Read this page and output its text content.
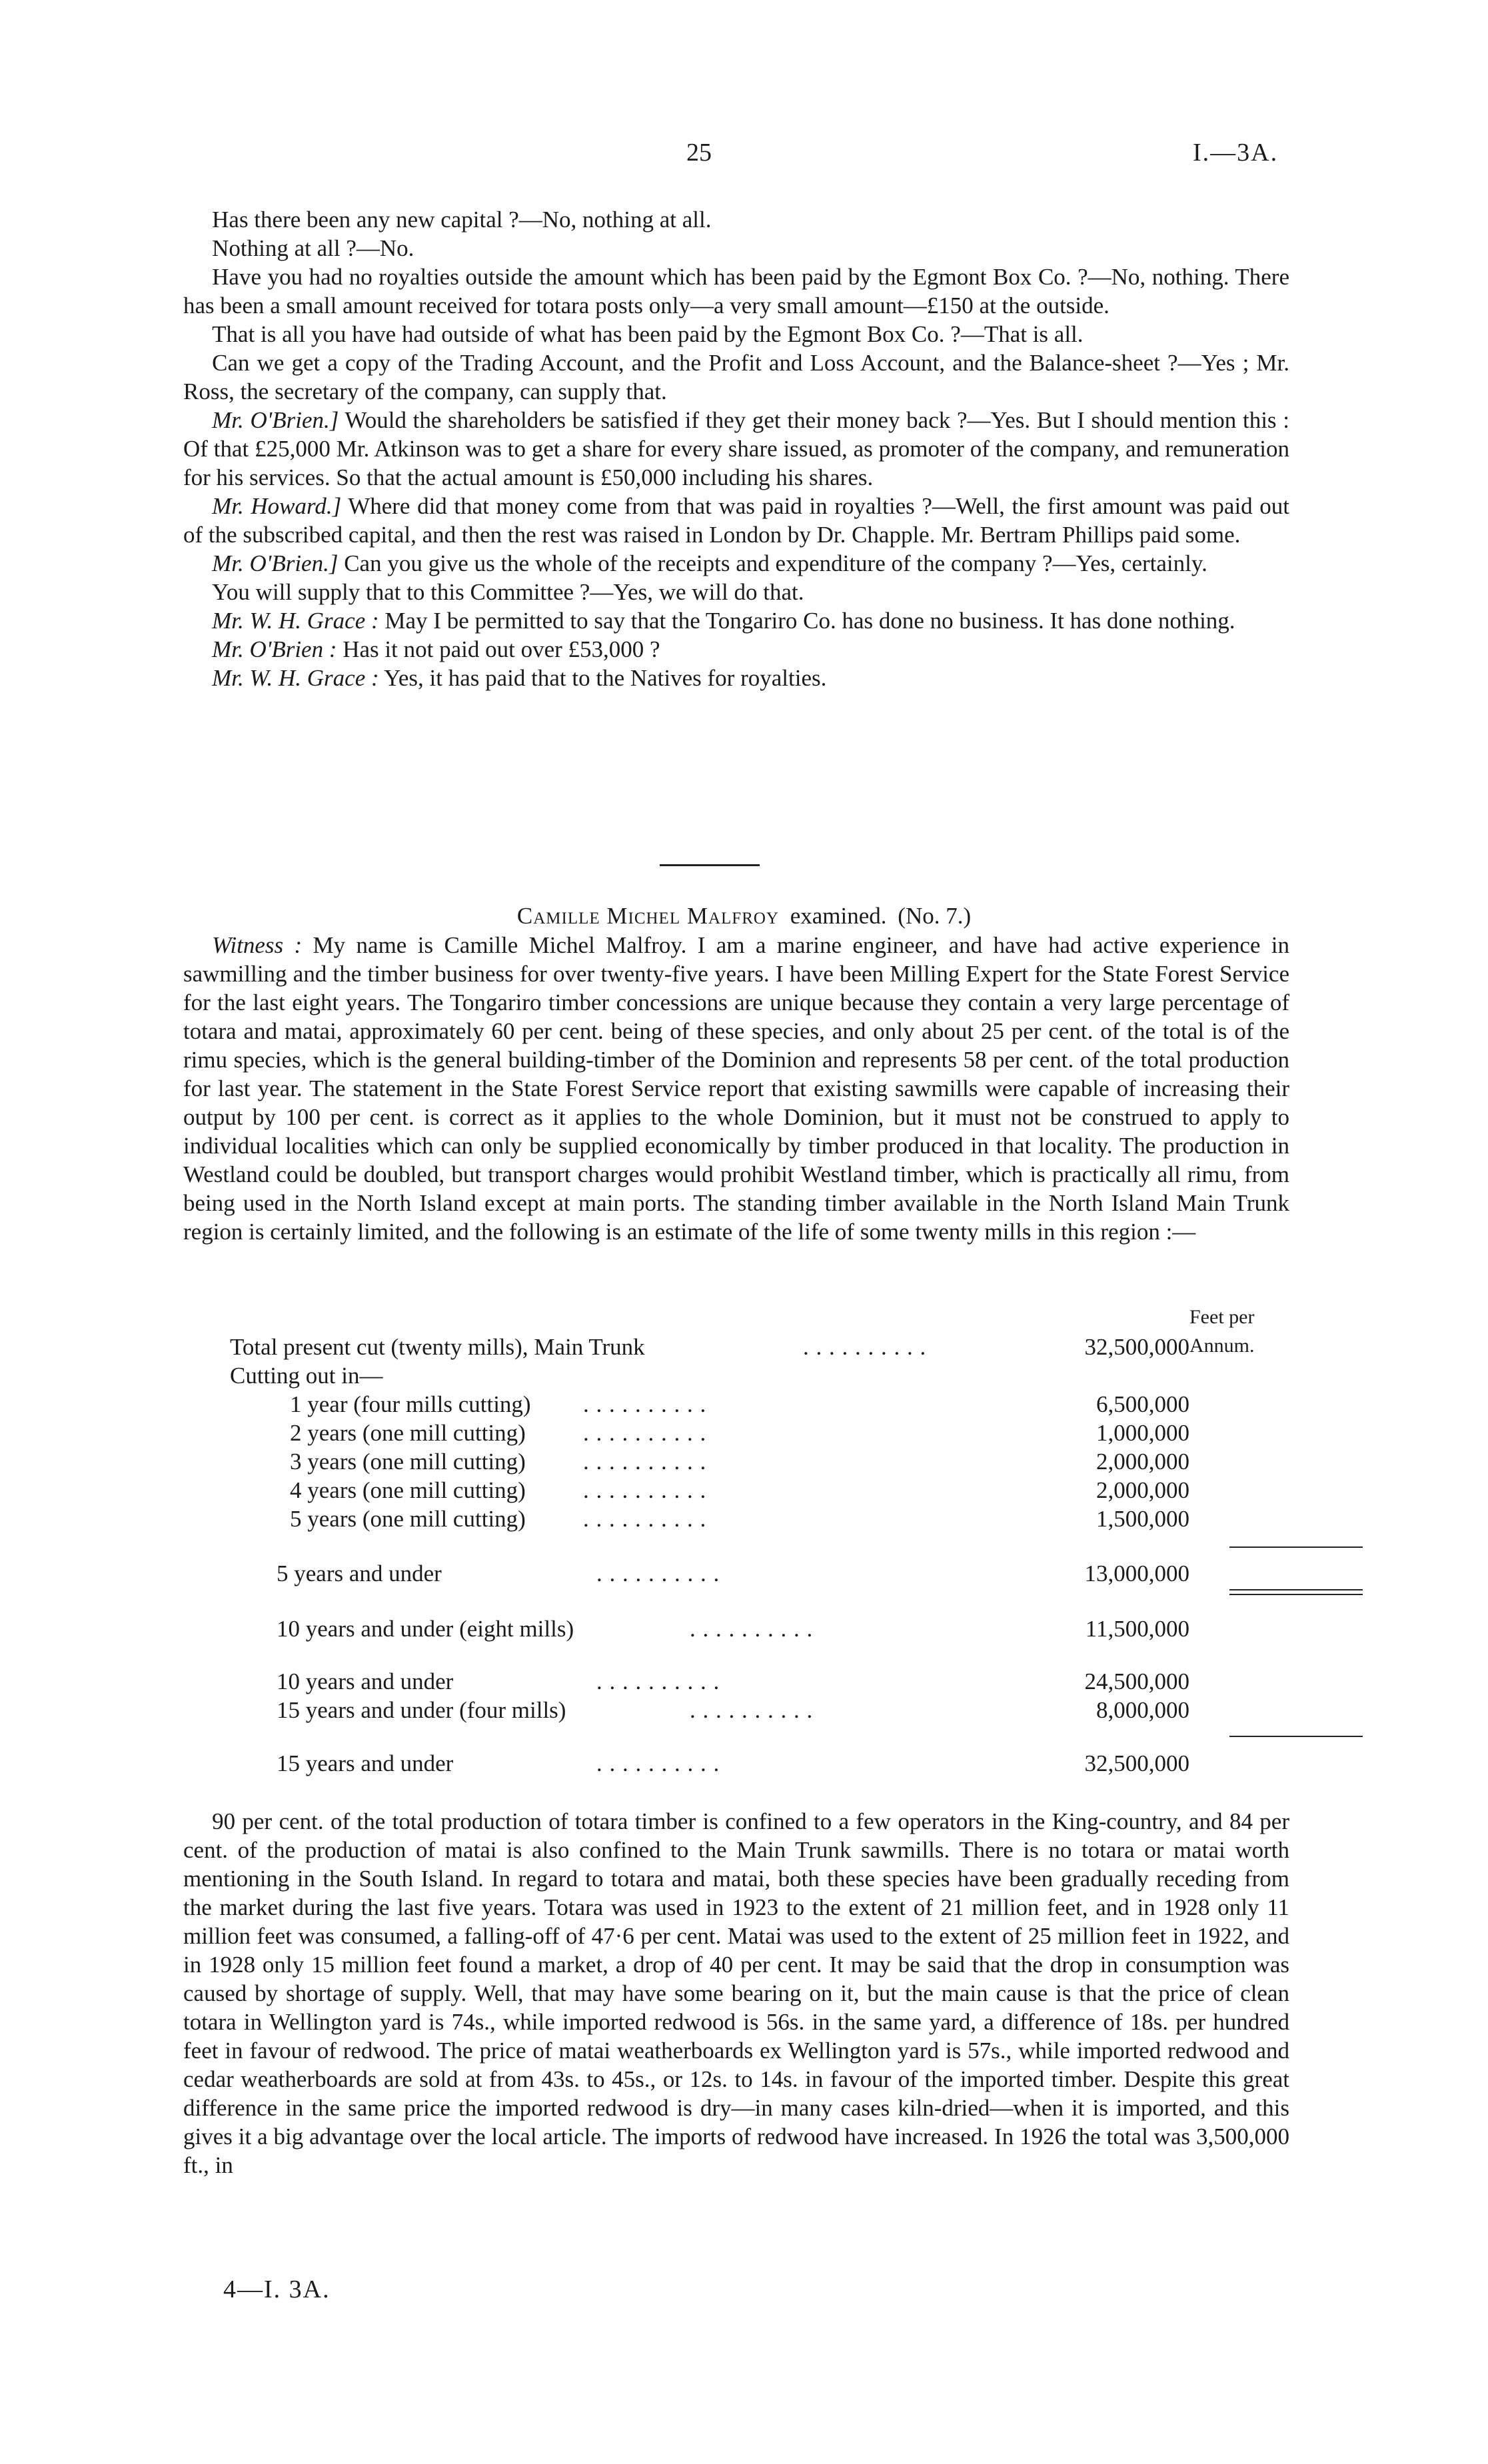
25	I.—3A.

Has there been any new capital ?—No, nothing at all.

Nothing at all ?—No.

Have you had no royalties outside the amount which has been paid by the Egmont Box Co. ?—No, nothing. There has been a small amount received for totara posts only—a very small amount—£150 at the outside.

That is all you have had outside of what has been paid by the Egmont Box Co. ?—That is all.

Can we get a copy of the Trading Account, and the Profit and Loss Account, and the Balance-sheet ?—Yes ; Mr. Ross, the secretary of the company, can supply that.

Mr. O'Brien.] Would the shareholders be satisfied if they get their money back ?—Yes. But I should mention this : Of that £25,000 Mr. Atkinson was to get a share for every share issued, as promoter of the company, and remuneration for his services. So that the actual amount is £50,000 including his shares.

Mr. Howard.] Where did that money come from that was paid in royalties ?—Well, the first amount was paid out of the subscribed capital, and then the rest was raised in London by Dr. Chapple. Mr. Bertram Phillips paid some.

Mr. O'Brien.] Can you give us the whole of the receipts and expenditure of the company ?—Yes, certainly.

You will supply that to this Committee ?—Yes, we will do that.

Mr. W. H. Grace : May I be permitted to say that the Tongariro Co. has done no business. It has done nothing.

Mr. O'Brien : Has it not paid out over £53,000 ?

Mr. W. H. Grace : Yes, it has paid that to the Natives for royalties.

Camille Michel Malfroy examined. (No. 7.)

Witness : My name is Camille Michel Malfroy. I am a marine engineer, and have had active experience in sawmilling and the timber business for over twenty-five years. I have been Milling Expert for the State Forest Service for the last eight years. The Tongariro timber concessions are unique because they contain a very large percentage of totara and matai, approximately 60 per cent. being of these species, and only about 25 per cent. of the total is of the rimu species, which is the general building-timber of the Dominion and represents 58 per cent. of the total production for last year. The statement in the State Forest Service report that existing sawmills were capable of increasing their output by 100 per cent. is correct as it applies to the whole Dominion, but it must not be construed to apply to individual localities which can only be supplied economically by timber produced in that locality. The production in Westland could be doubled, but transport charges would prohibit Westland timber, which is practically all rimu, from being used in the North Island except at main ports. The standing timber available in the North Island Main Trunk region is certainly limited, and the following is an estimate of the life of some twenty mills in this region :—

Feet per Annum.
Total present cut (twenty mills), Main Trunk	. . . . . . . . . .	32,500,000
Cutting out in—
1 year (four mills cutting) . . . . . . . . . .	6,500,000
2 years (one mill cutting) . . . . . . . . . .	1,000,000
3 years (one mill cutting) . . . . . . . . . .	2,000,000
4 years (one mill cutting) . . . . . . . . . .	2,000,000
5 years (one mill cutting) . . . . . . . . . .	1,500,000
5 years and under	. . . . . . . . . .	13,000,000
10 years and under (eight mills)	. . . . . . . . . .	11,500,000
10 years and under	. . . . . . . . . .	24,500,000
15 years and under (four mills)	. . . . . . . . . .	8,000,000
15 years and under	. . . . . . . . . .	32,500,000

90 per cent. of the total production of totara timber is confined to a few operators in the King-country, and 84 per cent. of the production of matai is also confined to the Main Trunk sawmills. There is no totara or matai worth mentioning in the South Island. In regard to totara and matai, both these species have been gradually receding from the market during the last five years. Totara was used in 1923 to the extent of 21 million feet, and in 1928 only 11 million feet was consumed, a falling-off of 47·6 per cent. Matai was used to the extent of 25 million feet in 1922, and in 1928 only 15 million feet found a market, a drop of 40 per cent. It may be said that the drop in consumption was caused by shortage of supply. Well, that may have some bearing on it, but the main cause is that the price of clean totara in Wellington yard is 74s., while imported redwood is 56s. in the same yard, a difference of 18s. per hundred feet in favour of redwood. The price of matai weatherboards ex Wellington yard is 57s., while imported redwood and cedar weatherboards are sold at from 43s. to 45s., or 12s. to 14s. in favour of the imported timber. Despite this great difference in the same price the imported redwood is dry—in many cases kiln-dried—when it is imported, and this gives it a big advantage over the local article. The imports of redwood have increased. In 1926 the total was 3,500,000 ft., in

4—I. 3A.
